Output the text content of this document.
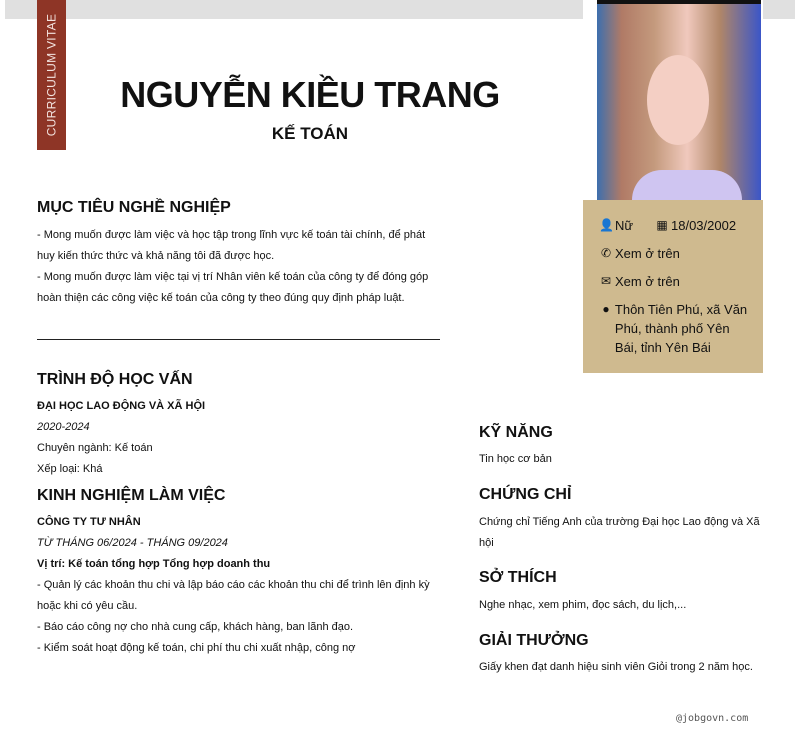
CURRICULUM VITAE	NGUYỄN KIỀU TRANG
KẾ TOÁN
👤 Nữ	▦ 18/03/2002
✆ Xem ở trên
✉ Xem ở trên
● Thôn Tiên Phú, xã Văn Phú, thành phố Yên Bái, tỉnh Yên Bái
MỤC TIÊU NGHỀ NGHIỆP
- Mong muốn được làm việc và học tập trong lĩnh vực kế toán tài chính, để phát huy kiến thức thức và khả năng tôi đã được học.
- Mong muốn được làm việc tại vị trí Nhân viên kế toán của công ty để đóng góp hoàn thiện các công việc kế toán của công ty theo đúng quy định pháp luật.
TRÌNH ĐỘ HỌC VẤN
ĐẠI HỌC LAO ĐỘNG VÀ XÃ HỘI
2020-2024
Chuyên ngành: Kế toán
Xếp loại: Khá
KINH NGHIỆM LÀM VIỆC
CÔNG TY TƯ NHÂN
TỪ THÁNG 06/2024 - THÁNG 09/2024
Vị trí: Kế toán tổng hợp Tổng hợp doanh thu
- Quản lý các khoản thu chi và lập báo cáo các khoản thu chi để trình lên định kỳ hoặc khi có yêu cầu.
- Báo cáo công nợ cho nhà cung cấp, khách hàng, ban lãnh đạo.
- Kiểm soát hoạt động kế toán, chi phí thu chi xuất nhập, công nợ
KỸ NĂNG
Tin học cơ bản
CHỨNG CHỈ
Chứng chỉ Tiếng Anh của trường Đại học Lao động và Xã hội
SỞ THÍCH
Nghe nhạc, xem phim, đọc sách, du lịch,...
GIẢI THƯỞNG
Giấy khen đạt danh hiệu sinh viên Giỏi trong 2 năm học.
@jobgovn.com
